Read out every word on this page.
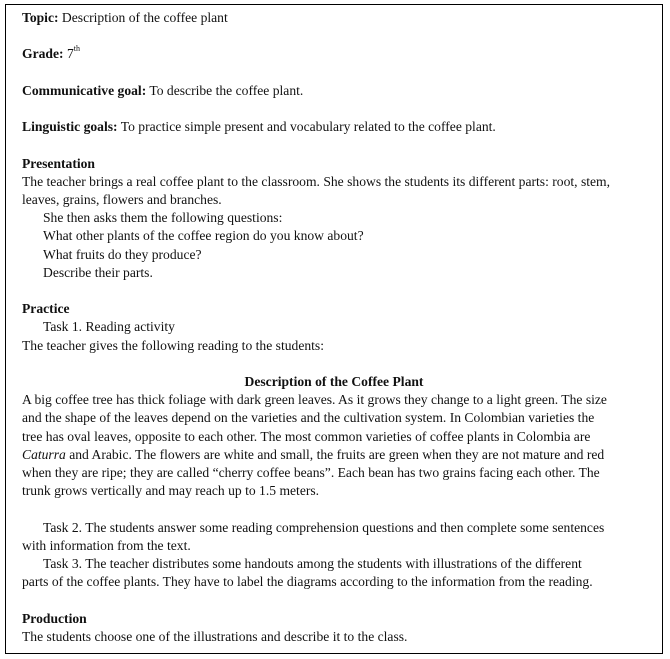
Topic: Description of the coffee plant

Grade: 7th

Communicative goal: To describe the coffee plant.

Linguistic goals: To practice simple present and vocabulary related to the coffee plant.

Presentation

The teacher brings a real coffee plant to the classroom. She shows the students its different parts: root, stem,

leaves, grains, flowers and branches.

She then asks them the following questions:

What other plants of the coffee region do you know about?

What fruits do they produce?

Describe their parts.

Practice

Task 1. Reading activity

The teacher gives the following reading to the students:

Description of the Coffee Plant

A big coffee tree has thick foliage with dark green leaves. As it grows they change to a light green. The size

and the shape of the leaves depend on the varieties and the cultivation system. In Colombian varieties the

tree has oval leaves, opposite to each other. The most common varieties of coffee plants in Colombia are

Caturra and Arabic. The flowers are white and small, the fruits are green when they are not mature and red

when they are ripe; they are called “cherry coffee beans”. Each bean has two grains facing each other. The

trunk grows vertically and may reach up to 1.5 meters.

Task 2. The students answer some reading comprehension questions and then complete some sentences

with information from the text.

Task 3. The teacher distributes some handouts among the students with illustrations of the different

parts of the coffee plants. They have to label the diagrams according to the information from the reading.

Production

The students choose one of the illustrations and describe it to the class.
